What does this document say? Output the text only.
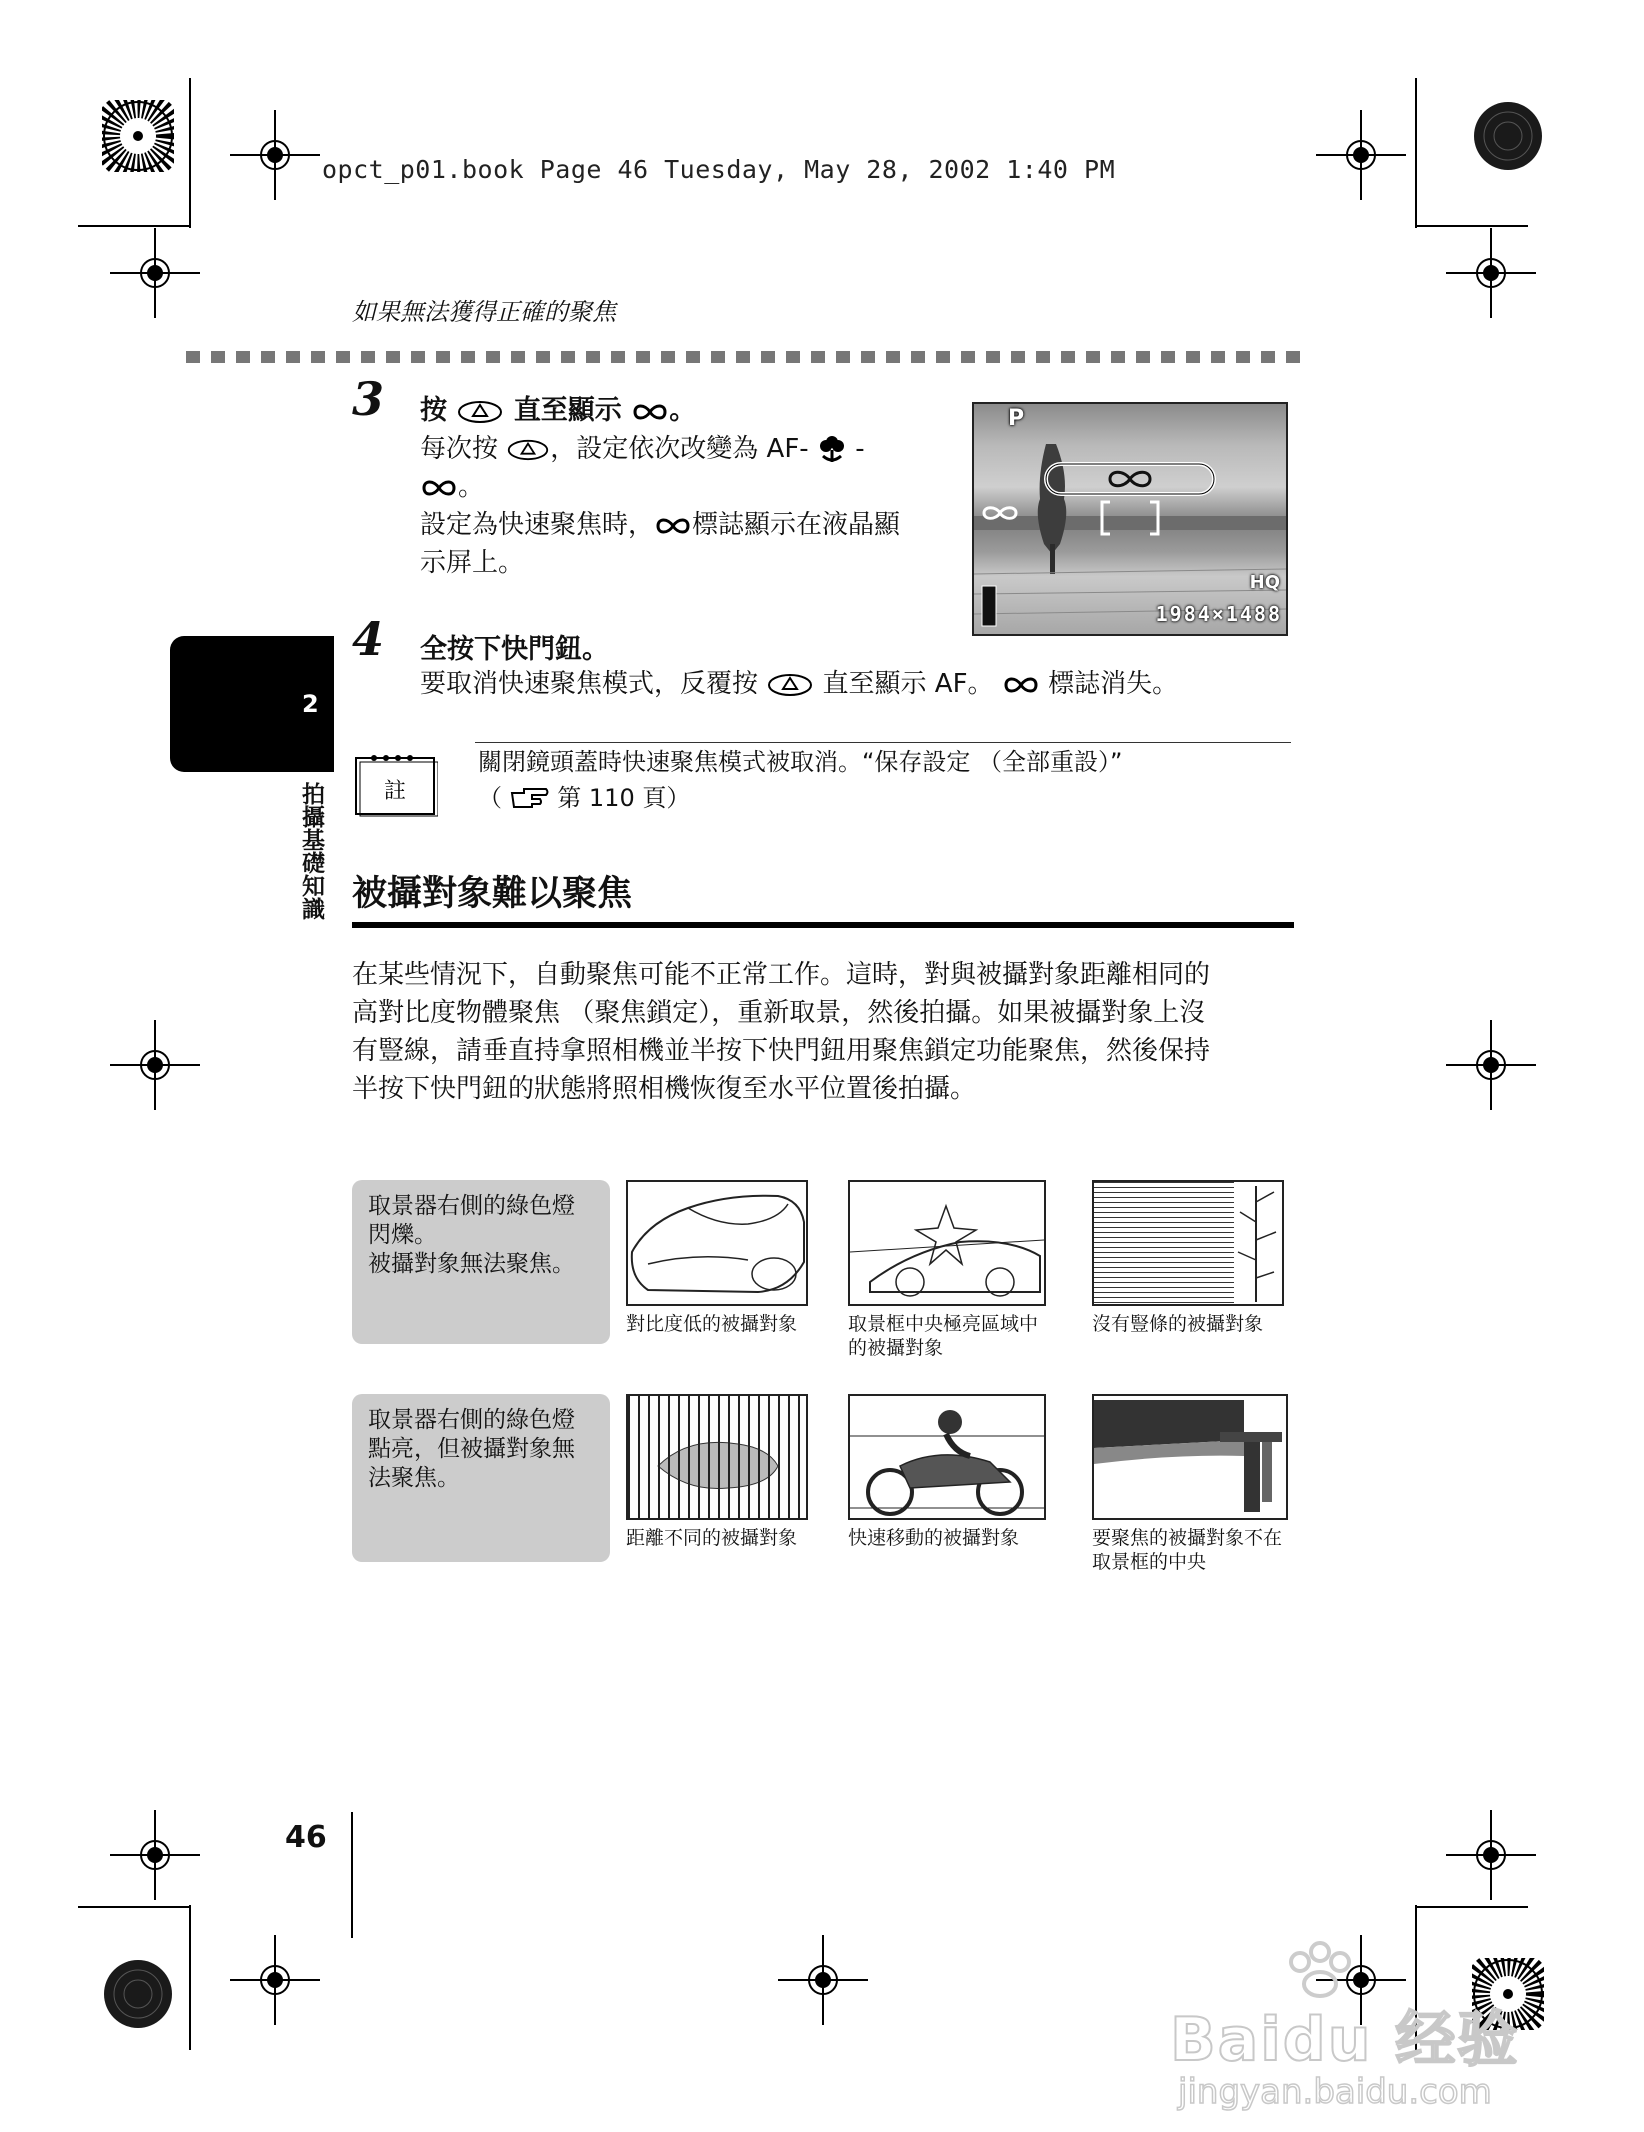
opct_p01.book Page 46 Tuesday, May 28, 2002 1:40 PM
如果無法獲得正確的聚焦
3 按 直至顯示 。
每次按 ，設定依次改變為 AF- -
。
設定為快速聚焦時， 標誌顯示在液晶顯
示屏上。
P
HQ
1984×1488
2
拍攝基礎知識
4 全按下快門鈕。
要取消快速聚焦模式，反覆按 直至顯示 AF。 標誌消失。
註
關閉鏡頭蓋時快速聚焦模式被取消。“保存設定 （全部重設）”
（ 第 110 頁）
被攝對象難以聚焦
在某些情況下，自動聚焦可能不正常工作。這時，對與被攝對象距離相同的
高對比度物體聚焦 （聚焦鎖定），重新取景，然後拍攝。如果被攝對象上沒
有豎線，請垂直持拿照相機並半按下快門鈕用聚焦鎖定功能聚焦，然後保持
半按下快門鈕的狀態將照相機恢復至水平位置後拍攝。
取景器右側的綠色燈
閃爍。
被攝對象無法聚焦。
對比度低的被攝對象	取景框中央極亮區域中
的被攝對象
沒有豎條的被攝對象
取景器右側的綠色燈
點亮，但被攝對象無
法聚焦。
距離不同的被攝對象	快速移動的被攝對象	要聚焦的被攝對象不在
取景框的中央
46
Baidu 经验
jingyan.baidu.com
